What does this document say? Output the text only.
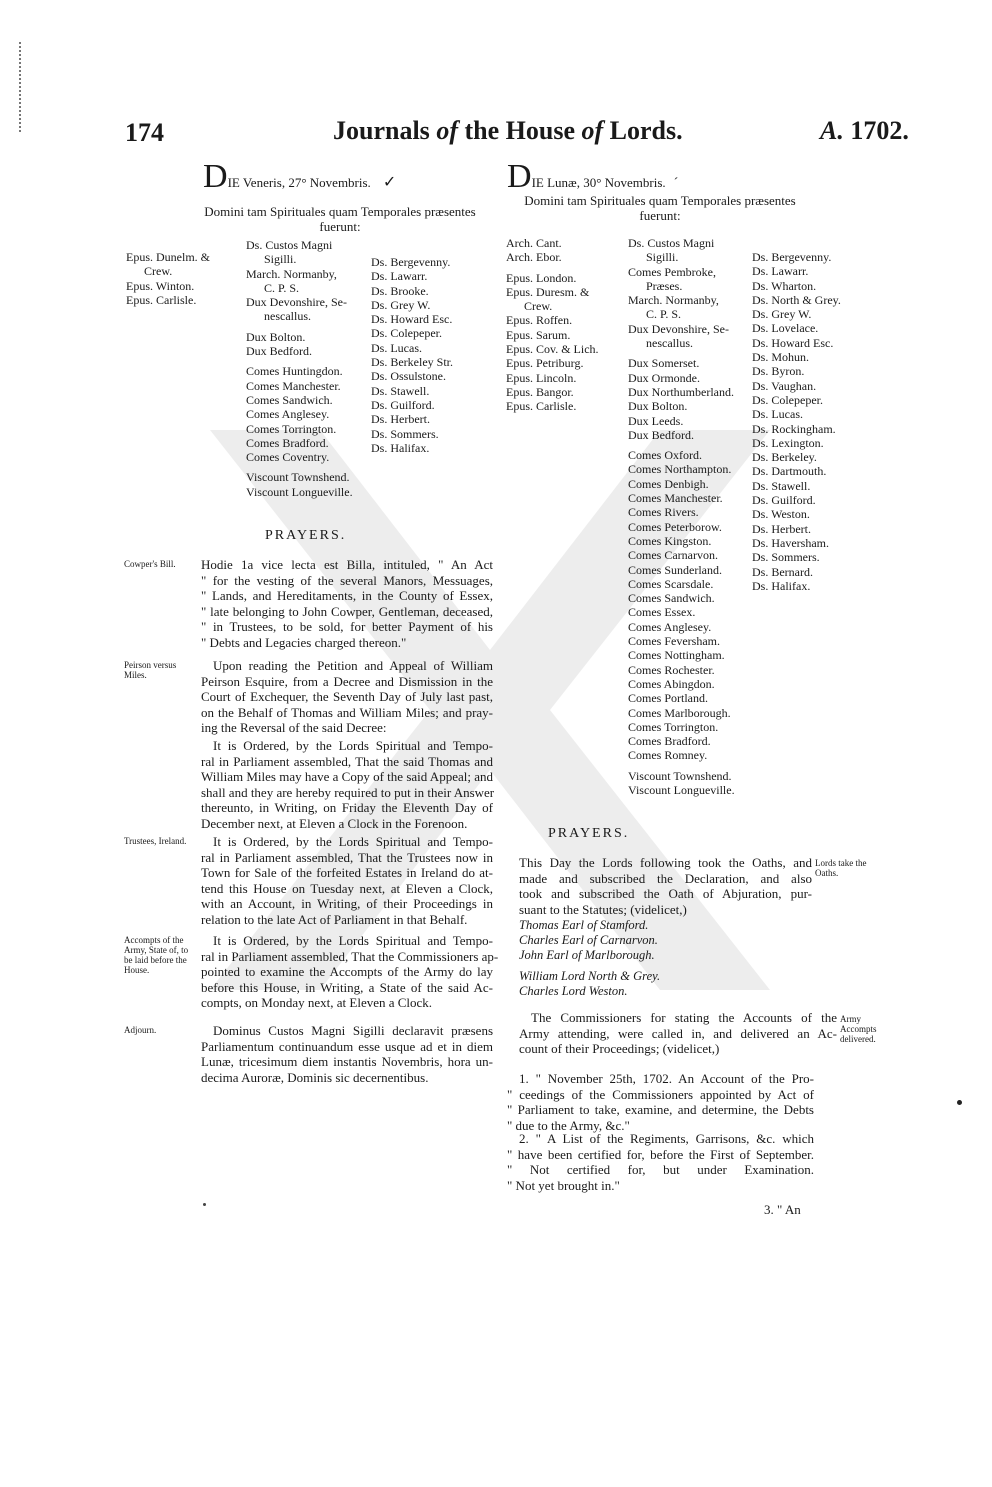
174	Journals of the House of Lords.	A. 1702.
DIE Veneris, 27° Novembris. ✓
Domini tam Spirituales quam Temporales præsentes
fuerunt:
Epus. Dunelm. &
Crew.
Epus. Winton.
Epus. Carlisle.
Ds. Custos Magni
Sigilli.
March. Normanby,
C. P. S.
Dux Devonshire, Se-
nescallus.

Dux Bolton.
Dux Bedford.

Comes Huntingdon.
Comes Manchester.
Comes Sandwich.
Comes Anglesey.
Comes Torrington.
Comes Bradford.
Comes Coventry.

Viscount Townshend.
Viscount Longueville.
Ds. Bergevenny.
Ds. Lawarr.
Ds. Brooke.
Ds. Grey W.
Ds. Howard Esc.
Ds. Colepeper.
Ds. Lucas.
Ds. Berkeley Str.
Ds. Ossulstone.
Ds. Stawell.
Ds. Guilford.
Ds. Herbert.
Ds. Sommers.
Ds. Halifax.
PRAYERS.
Cowper's Bill.	Hodie 1a vice lecta est Billa, intituled, " An Act
" for the vesting of the several Manors, Messuages,
" Lands, and Hereditaments, in the County of Essex,
" late belonging to John Cowper, Gentleman, deceased,
" in Trustees, to be sold, for better Payment of his
" Debts and Legacies charged thereon."
Peirson versus Miles.
Upon reading the Petition and Appeal of William
Peirson Esquire, from a Decree and Dismission in the
Court of Exchequer, the Seventh Day of July last past,
on the Behalf of Thomas and William Miles; and pray-
ing the Reversal of the said Decree:
It is Ordered, by the Lords Spiritual and Tempo-
ral in Parliament assembled, That the said Thomas and
William Miles may have a Copy of the said Appeal; and
shall and they are hereby required to put in their Answer
thereunto, in Writing, on Friday the Eleventh Day of
December next, at Eleven a Clock in the Forenoon.
Trustees, Ireland.	It is Ordered, by the Lords Spiritual and Tempo-
ral in Parliament assembled, That the Trustees now in
Town for Sale of the forfeited Estates in Ireland do at-
tend this House on Tuesday next, at Eleven a Clock,
with an Account, in Writing, of their Proceedings in
relation to the late Act of Parliament in that Behalf.
Accompts of the Army, State of, to be laid before the House.
It is Ordered, by the Lords Spiritual and Tempo-
ral in Parliament assembled, That the Commissioners ap-
pointed to examine the Accompts of the Army do lay
before this House, in Writing, a State of the said Ac-
compts, on Monday next, at Eleven a Clock.
Adjourn.	Dominus Custos Magni Sigilli declaravit præsens
Parliamentum continuandum esse usque ad et in diem
Lunæ, tricesimum diem instantis Novembris, hora un-
decima Auroræ, Dominis sic decernentibus.
DIE Lunæ, 30° Novembris. ˊ
Domini tam Spirituales quam Temporales præsentes
fuerunt:
Arch. Cant.
Arch. Ebor.

Epus. London.
Epus. Duresm. &
Crew.
Epus. Roffen.
Epus. Sarum.
Epus. Cov. & Lich.
Epus. Petriburg.
Epus. Lincoln.
Epus. Bangor.
Epus. Carlisle.
Ds. Custos Magni
Sigilli.
Comes Pembroke,
Præses.
March. Normanby,
C. P. S.
Dux Devonshire, Se-
nescallus.

Dux Somerset.
Dux Ormonde.
Dux Northumberland.
Dux Bolton.
Dux Leeds.
Dux Bedford.

Comes Oxford.
Comes Northampton.
Comes Denbigh.
Comes Manchester.
Comes Rivers.
Comes Peterborow.
Comes Kingston.
Comes Carnarvon.
Comes Sunderland.
Comes Scarsdale.
Comes Sandwich.
Comes Essex.
Comes Anglesey.
Comes Feversham.
Comes Nottingham.
Comes Rochester.
Comes Abingdon.
Comes Portland.
Comes Marlborough.
Comes Torrington.
Comes Bradford.
Comes Romney.

Viscount Townshend.
Viscount Longueville.
Ds. Bergevenny.
Ds. Lawarr.
Ds. Wharton.
Ds. North & Grey.
Ds. Grey W.
Ds. Lovelace.
Ds. Howard Esc.
Ds. Mohun.
Ds. Byron.
Ds. Vaughan.
Ds. Colepeper.
Ds. Lucas.
Ds. Rockingham.
Ds. Lexington.
Ds. Berkeley.
Ds. Dartmouth.
Ds. Stawell.
Ds. Guilford.
Ds. Weston.
Ds. Herbert.
Ds. Haversham.
Ds. Sommers.
Ds. Bernard.
Ds. Halifax.
PRAYERS.
Lords take the Oaths.
This Day the Lords following took the Oaths, and
made and subscribed the Declaration, and also
took and subscribed the Oath of Abjuration, pur-
suant to the Statutes; (videlicet,)
Thomas Earl of Stamford.
Charles Earl of Carnarvon.
John Earl of Marlborough.

William Lord North & Grey.
Charles Lord Weston.
Army Accompts delivered.
The Commissioners for stating the Accounts of the
Army attending, were called in, and delivered an Ac-
count of their Proceedings; (videlicet,)
1. " November 25th, 1702. An Account of the Pro-
" ceedings of the Commissioners appointed by Act of
" Parliament to take, examine, and determine, the Debts
" due to the Army, &c."
2. " A List of the Regiments, Garrisons, &c. which
" have been certified for, before the First of September.
" Not certified for, but under Examination.
" Not yet brought in."
3. " An
